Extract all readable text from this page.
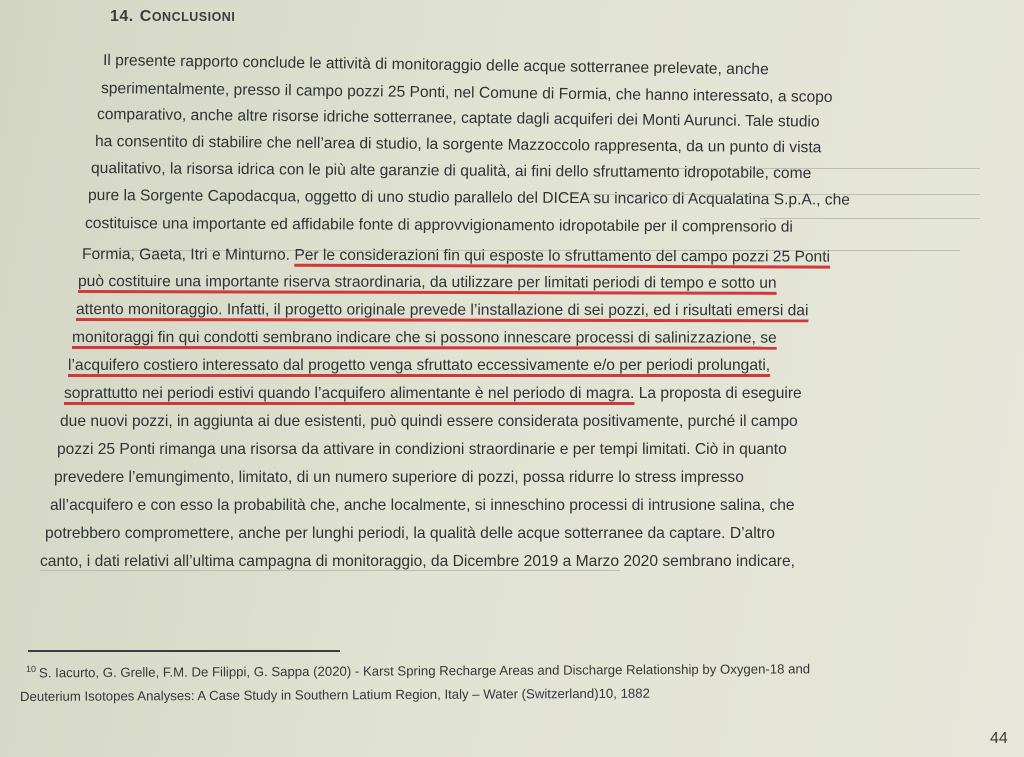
14. CONCLUSIONI
Il presente rapporto conclude le attività di monitoraggio delle acque sotterranee prelevate, anche
sperimentalmente, presso il campo pozzi 25 Ponti, nel Comune di Formia, che hanno interessato, a scopo
comparativo, anche altre risorse idriche sotterranee, captate dagli acquiferi dei Monti Aurunci. Tale studio
ha consentito di stabilire che nell’area di studio, la sorgente Mazzoccolo rappresenta, da un punto di vista
qualitativo, la risorsa idrica con le più alte garanzie di qualità, ai fini dello sfruttamento idropotabile, come
pure la Sorgente Capodacqua, oggetto di uno studio parallelo del DICEA su incarico di Acqualatina S.p.A., che
costituisce una importante ed affidabile fonte di approvvigionamento idropotabile per il comprensorio di
Formia, Gaeta, Itri e Minturno. Per le considerazioni fin qui esposte lo sfruttamento del campo pozzi 25 Ponti
può costituire una importante riserva straordinaria, da utilizzare per limitati periodi di tempo e sotto un
attento monitoraggio. Infatti, il progetto originale prevede l’installazione di sei pozzi, ed i risultati emersi dai
monitoraggi fin qui condotti sembrano indicare che si possono innescare processi di salinizzazione, se
l’acquifero costiero interessato dal progetto venga sfruttato eccessivamente e/o per periodi prolungati,
soprattutto nei periodi estivi quando l’acquifero alimentante è nel periodo di magra. La proposta di eseguire
due nuovi pozzi, in aggiunta ai due esistenti, può quindi essere considerata positivamente, purché il campo
pozzi 25 Ponti rimanga una risorsa da attivare in condizioni straordinarie e per tempi limitati. Ciò in quanto
prevedere l’emungimento, limitato, di un numero superiore di pozzi, possa ridurre lo stress impresso
all’acquifero e con esso la probabilità che, anche localmente, si inneschino processi di intrusione salina, che
potrebbero compromettere, anche per lunghi periodi, la qualità delle acque sotterranee da captare. D’altro
canto, i dati relativi all’ultima campagna di monitoraggio, da Dicembre 2019 a Marzo 2020 sembrano indicare,
$^{10}$ S. Iacurto, G. Grelle, F.M. De Filippi, G. Sappa (2020) - Karst Spring Recharge Areas and Discharge Relationship by Oxygen-18 and
Deuterium Isotopes Analyses: A Case Study in Southern Latium Region, Italy – Water (Switzerland)10, 1882
44
